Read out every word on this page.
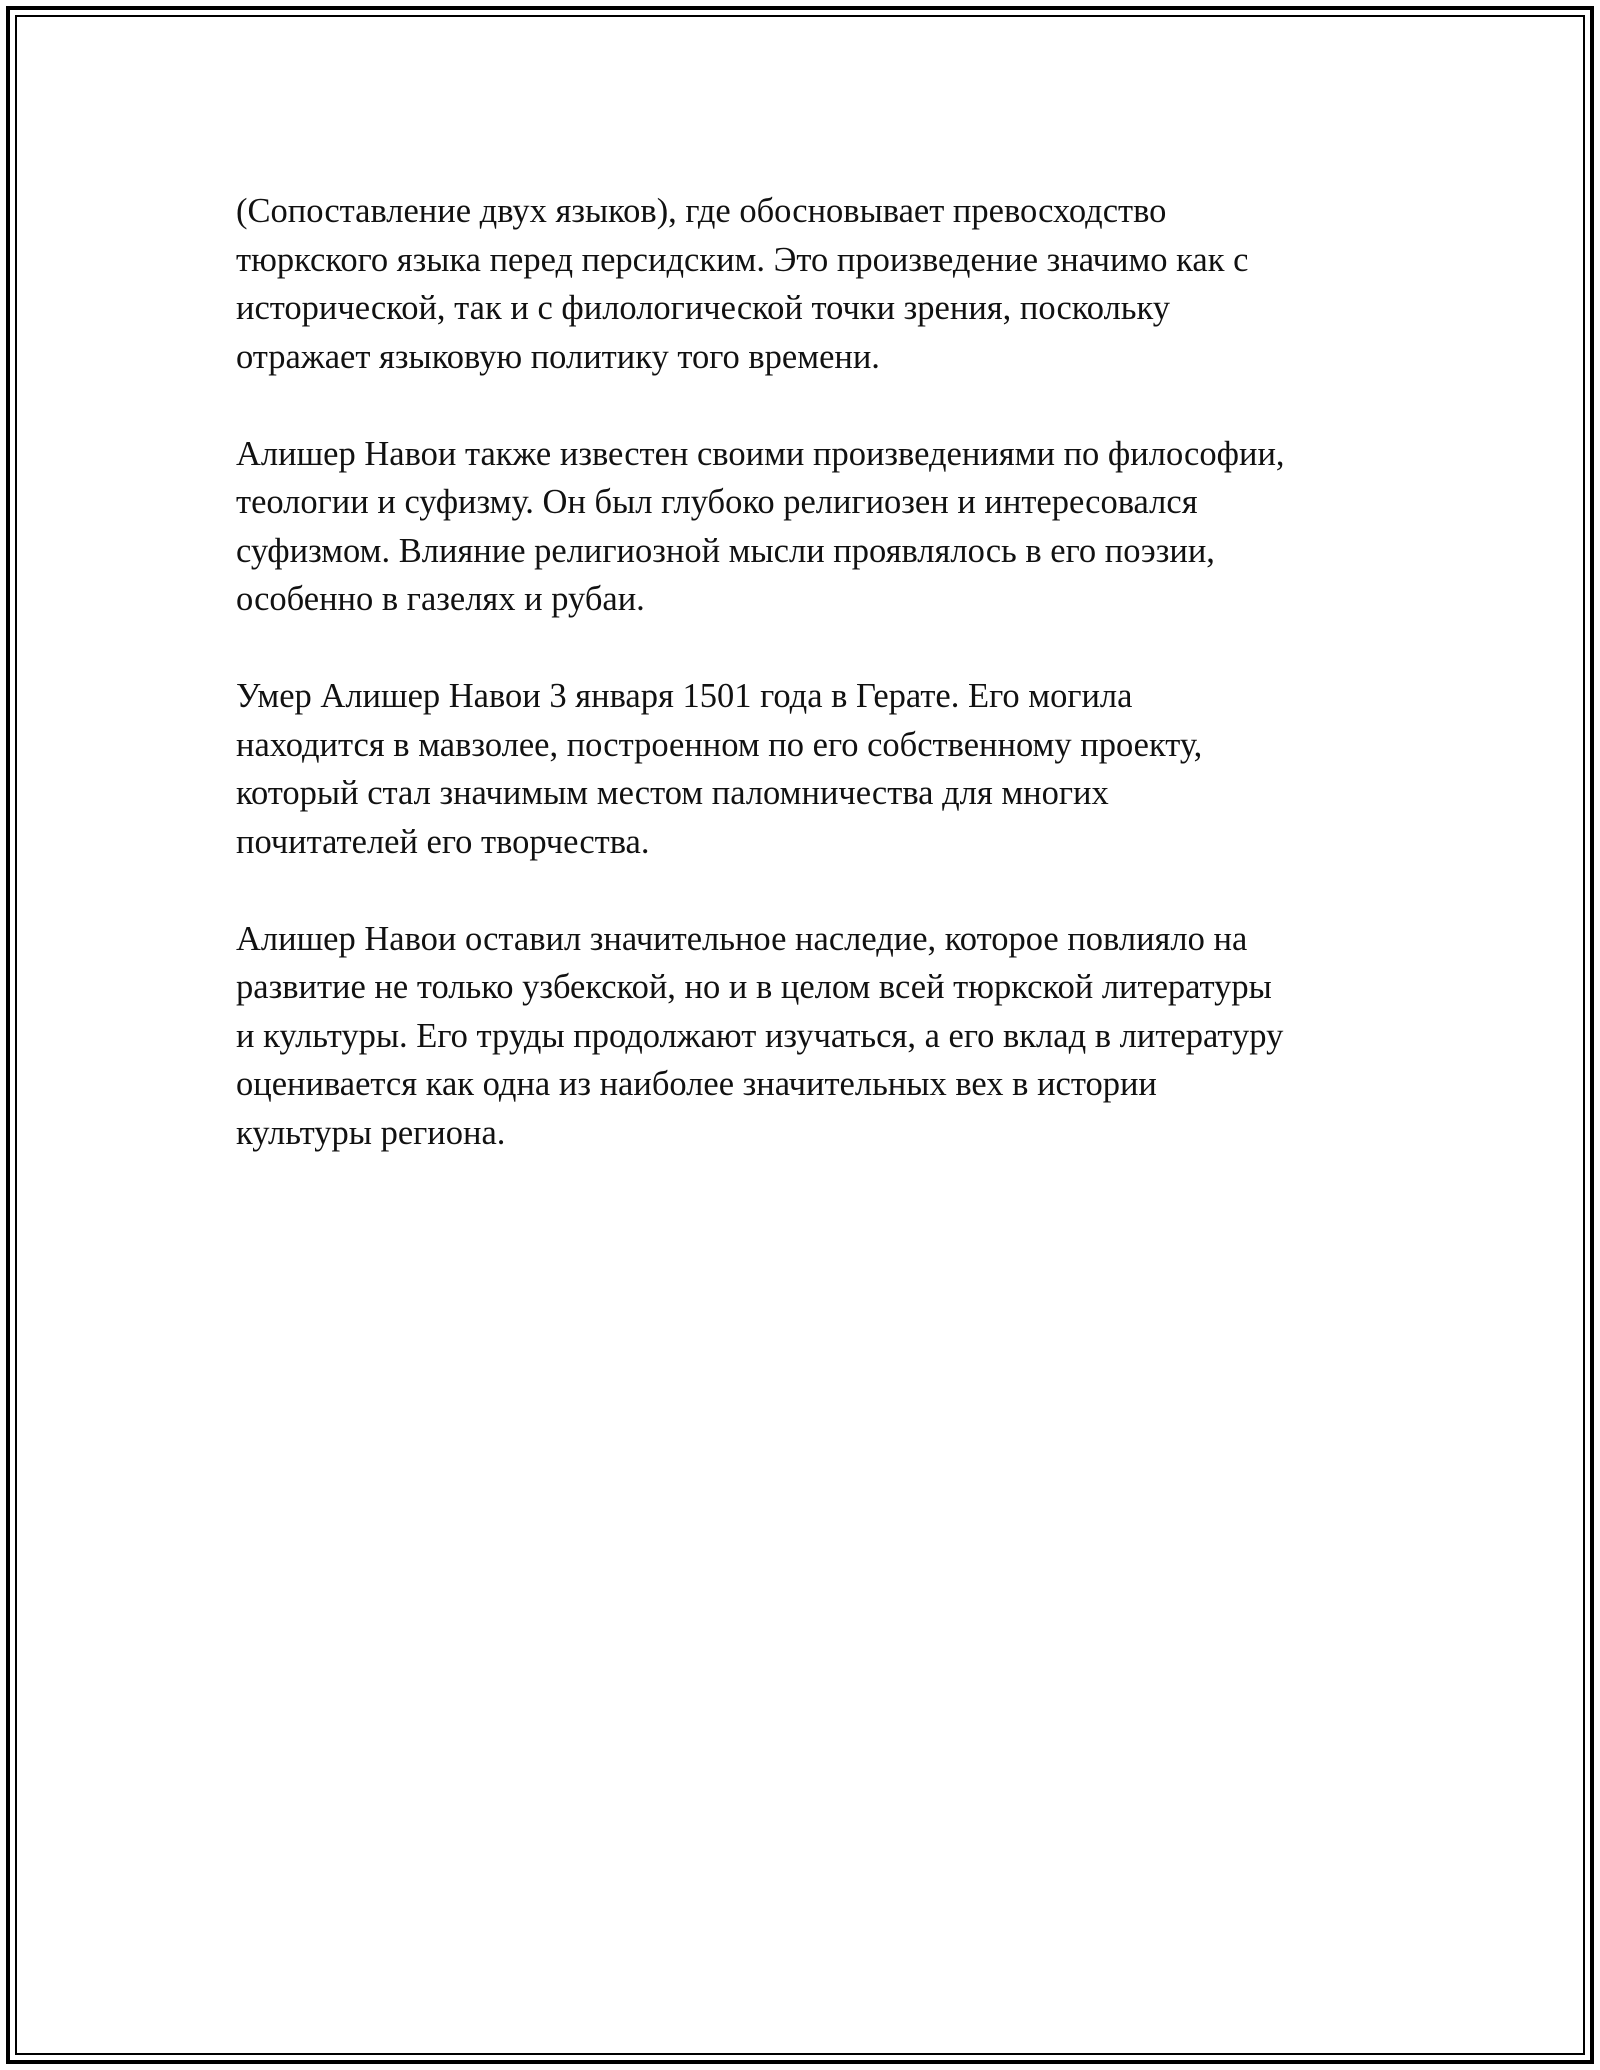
(Сопоставление двух языков), где обосновывает превосходство
тюркского языка перед персидским. Это произведение значимо как с
исторической, так и с филологической точки зрения, поскольку
отражает языковую политику того времени.

Алишер Навои также известен своими произведениями по философии,
теологии и суфизму. Он был глубоко религиозен и интересовался
суфизмом. Влияние религиозной мысли проявлялось в его поэзии,
особенно в газелях и рубаи.

Умер Алишер Навои 3 января 1501 года в Герате. Его могила
находится в мавзолее, построенном по его собственному проекту,
который стал значимым местом паломничества для многих
почитателей его творчества.

Алишер Навои оставил значительное наследие, которое повлияло на
развитие не только узбекской, но и в целом всей тюркской литературы
и культуры. Его труды продолжают изучаться, а его вклад в литературу
оценивается как одна из наиболее значительных вех в истории
культуры региона.
